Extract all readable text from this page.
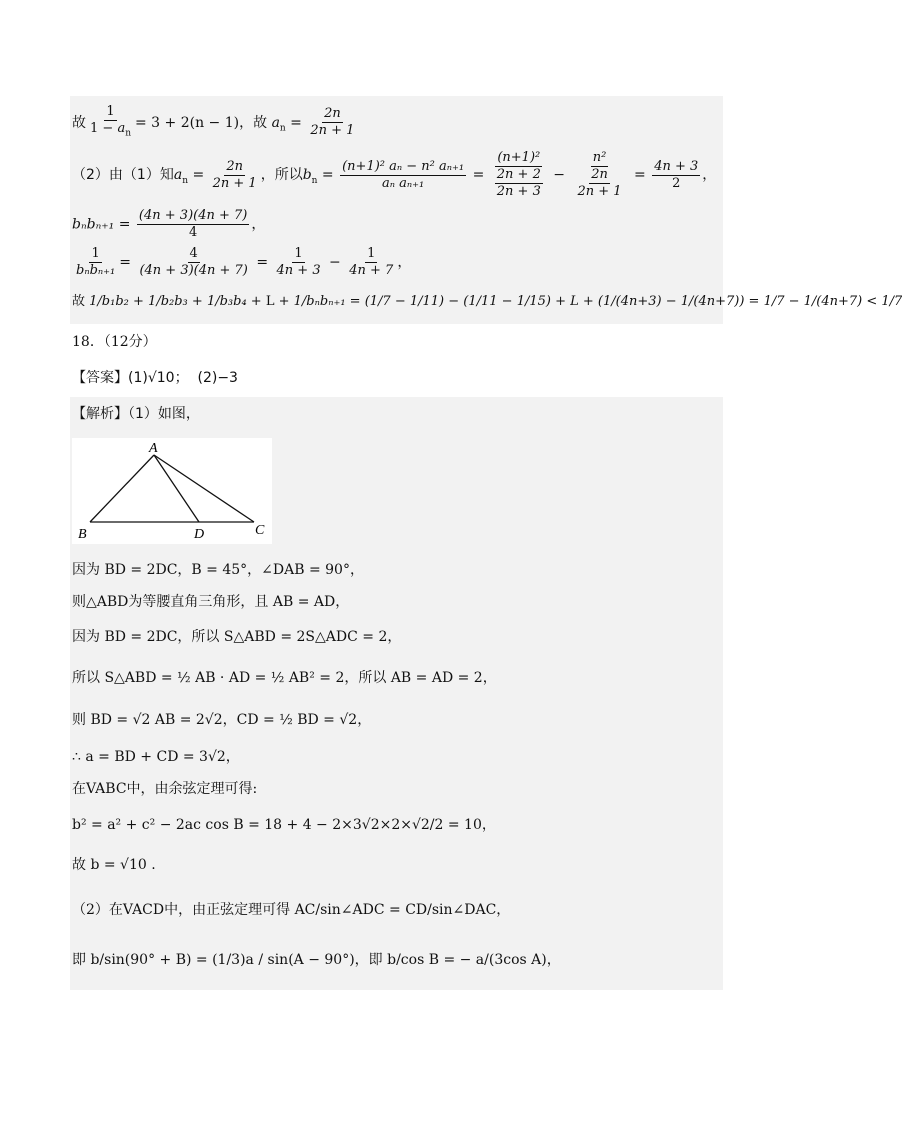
故 $\frac{1}{1 - a_n} = 3 + 2(n - 1)$，故 $a_n = \frac{2n}{2n + 1}$
（2）由（1）知$a_n = \frac{2n}{2n + 1}$ ，所以$b_n = \frac{\text{(n+1)² aₙ − n² aₙ₊₁}}{\text{aₙ aₙ₊₁}} = \frac{\text{(n+1)²}}{\frac{2n + 2}{2n + 3}} - \frac{\text{n²}}{\frac{2n}{2n + 1}} = \frac{4n + 3}{2}$ ，
$b_nb_{n+1} = \frac{(4n + 3)(4n + 7)}{4}$ ，
$\frac{1}{\text{bₙbₙ₊₁}} = \frac{4}{(4n + 3)(4n + 7)} = \frac{1}{4n + 3} - \frac{1}{4n + 7}$ ，
故 1/b₁b₂ + 1/b₂b₃ + 1/b₃b₄ + L + 1/bₙbₙ₊₁ = (1/7 − 1/11) − (1/11 − 1/15) + L + (1/(4n+3) − 1/(4n+7)) = 1/7 − 1/(4n+7) < 1/7
18．（12分）
【答案】(1)√10； (2)−3
【解析】（1）如图，
A
B	D	C
因为 BD = 2DC，B = 45°，∠DAB = 90°，
则△ABD为等腰直角三角形，且 AB = AD，
因为 BD = 2DC，所以 S△ABD = 2S△ADC = 2，
所以 S△ABD = ½ AB · AD = ½ AB² = 2，所以 AB = AD = 2，
则 BD = √2 AB = 2√2，CD = ½ BD = √2，
∴ a = BD + CD = 3√2，
在VABC中，由余弦定理可得:
b² = a² + c² − 2ac cos B = 18 + 4 − 2×3√2×2×√2/2 = 10，
故 b = √10 .
（2）在VACD中，由正弦定理可得 AC/sin∠ADC = CD/sin∠DAC，
即 b/sin(90° + B) = (1/3)a / sin(A − 90°)，即 b/cos B = − a/(3cos A)，
